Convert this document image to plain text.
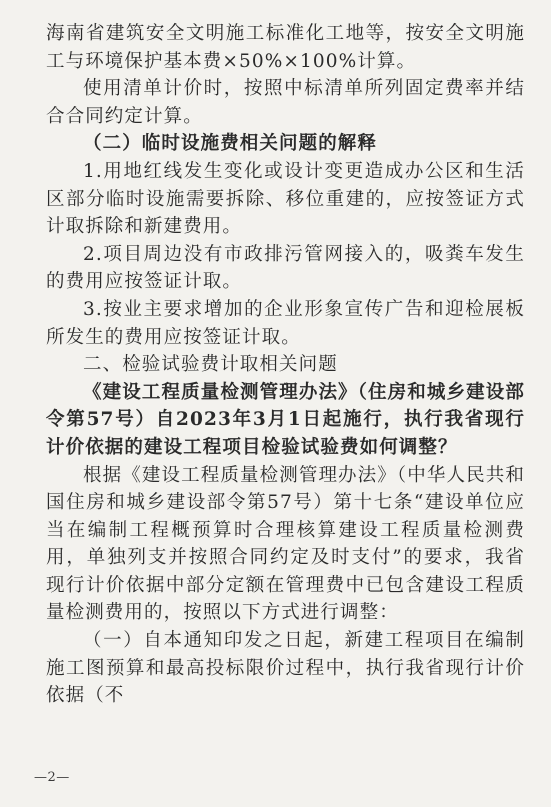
海南省建筑安全文明施工标准化工地等，按安全文明施工与环境保护基本费×50%×100%计算。

使用清单计价时，按照中标清单所列固定费率并结合合同约定计算。

（二）临时设施费相关问题的解释

1.用地红线发生变化或设计变更造成办公区和生活区部分临时设施需要拆除、移位重建的，应按签证方式计取拆除和新建费用。

2.项目周边没有市政排污管网接入的，吸粪车发生的费用应按签证计取。

3.按业主要求增加的企业形象宣传广告和迎检展板所发生的费用应按签证计取。

二、检验试验费计取相关问题

《建设工程质量检测管理办法》（住房和城乡建设部令第57号）自2023年3月1日起施行，执行我省现行计价依据的建设工程项目检验试验费如何调整？

根据《建设工程质量检测管理办法》（中华人民共和国住房和城乡建设部令第57号）第十七条“建设单位应当在编制工程概预算时合理核算建设工程质量检测费用，单独列支并按照合同约定及时支付”的要求，我省现行计价依据中部分定额在管理费中已包含建设工程质量检测费用的，按照以下方式进行调整：

（一）自本通知印发之日起，新建工程项目在编制施工图预算和最高投标限价过程中，执行我省现行计价依据（不

—2—
